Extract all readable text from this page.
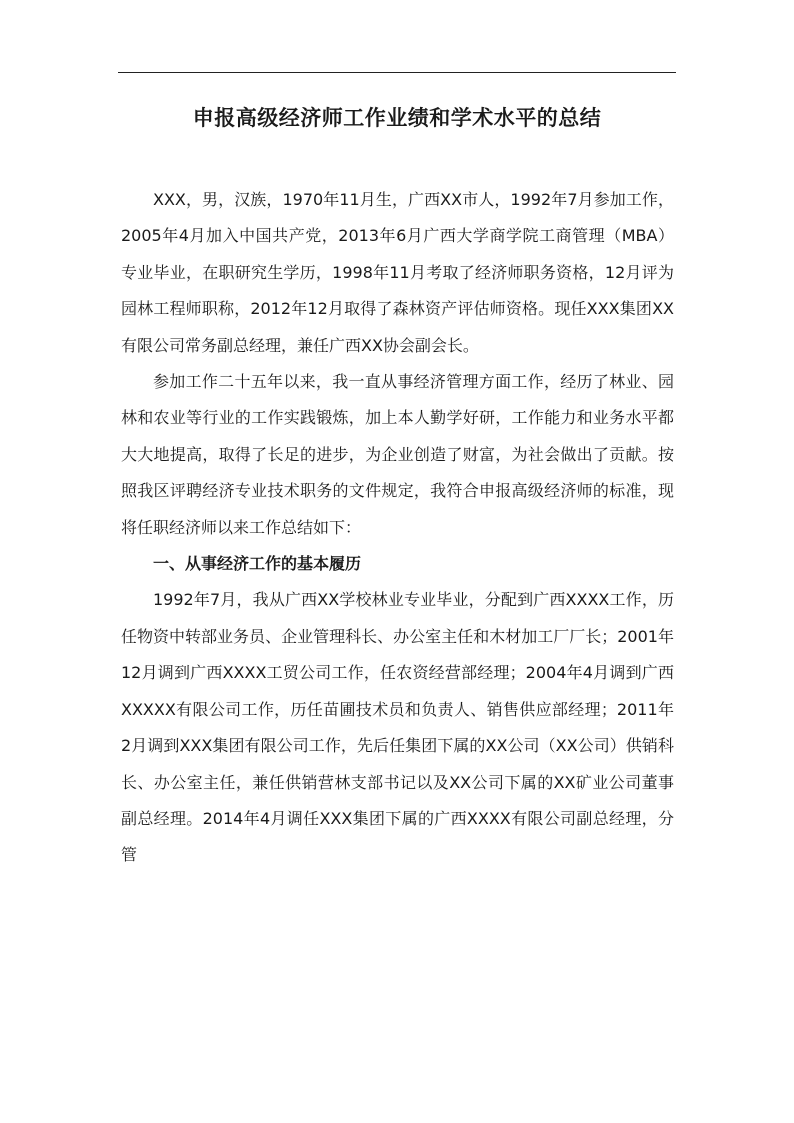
申报高级经济师工作业绩和学术水平的总结

XXX，男，汉族，1970年11月生，广西XX市人，1992年7月参加工作，2005年4月加入中国共产党，2013年6月广西大学商学院工商管理（MBA）专业毕业，在职研究生学历，1998年11月考取了经济师职务资格，12月评为园林工程师职称，2012年12月取得了森林资产评估师资格。现任XXX集团XX有限公司常务副总经理，兼任广西XX协会副会长。

参加工作二十五年以来，我一直从事经济管理方面工作，经历了林业、园林和农业等行业的工作实践锻炼，加上本人勤学好研，工作能力和业务水平都大大地提高，取得了长足的进步，为企业创造了财富，为社会做出了贡献。按照我区评聘经济专业技术职务的文件规定，我符合申报高级经济师的标准，现将任职经济师以来工作总结如下：

一、从事经济工作的基本履历

1992年7月，我从广西XX学校林业专业毕业，分配到广西XXXX工作，历任物资中转部业务员、企业管理科长、办公室主任和木材加工厂厂长；2001年12月调到广西XXXX工贸公司工作，任农资经营部经理；2004年4月调到广西XXXXX有限公司工作，历任苗圃技术员和负责人、销售供应部经理；2011年2月调到XXX集团有限公司工作，先后任集团下属的XX公司（XX公司）供销科长、办公室主任，兼任供销营林支部书记以及XX公司下属的XX矿业公司董事副总经理。2014年4月调任XXX集团下属的广西XXXX有限公司副总经理，分管
